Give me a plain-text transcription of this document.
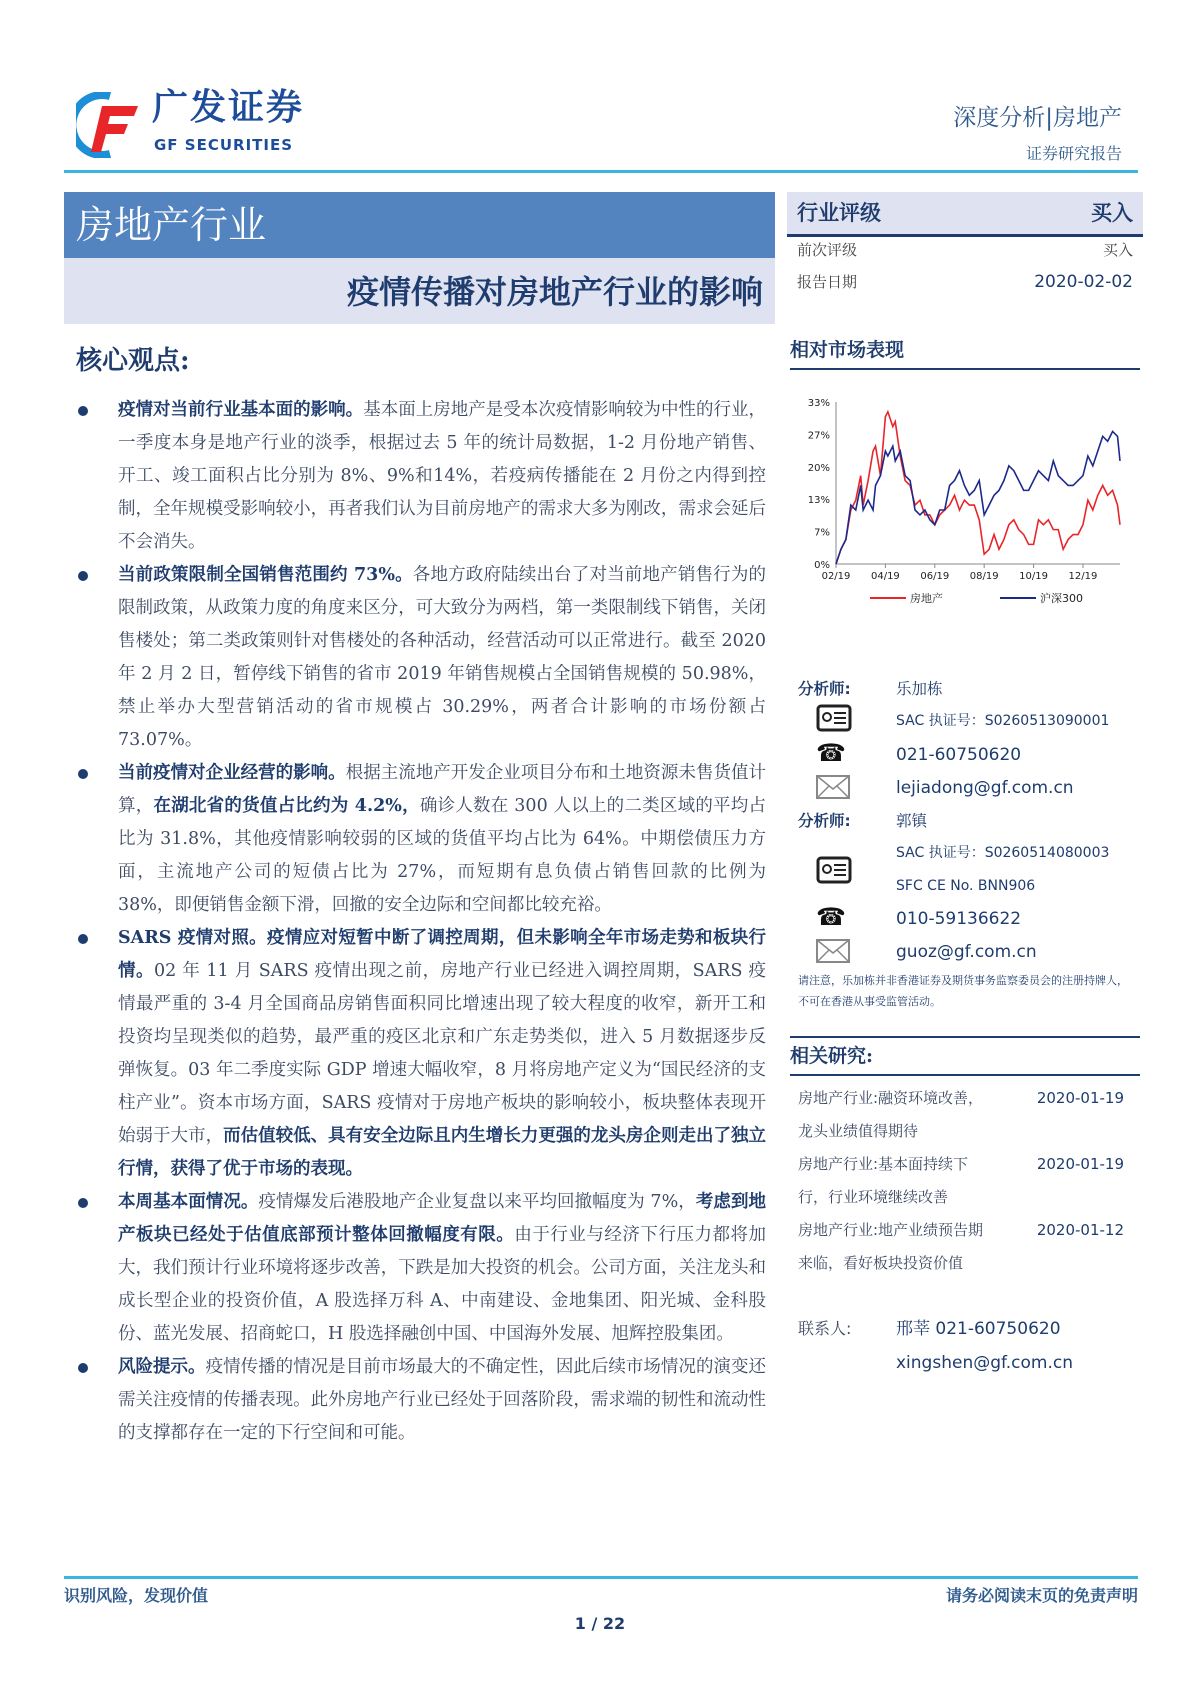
广发证券
GF SECURITIES
深度分析|房地产
证券研究报告
房地产行业
疫情传播对房地产行业的影响
行业评级	买入
前次评级	买入
报告日期	2020-02-02
核心观点:
疫情对当前行业基本面的影响。基本面上房地产是受本次疫情影响较为中性的行业，一季度本身是地产行业的淡季，根据过去 5 年的统计局数据，1-2 月份地产销售、开工、竣工面积占比分别为 8%、9%和14%，若疫病传播能在 2 月份之内得到控制，全年规模受影响较小，再者我们认为目前房地产的需求大多为刚改，需求会延后不会消失。
当前政策限制全国销售范围约 73%。各地方政府陆续出台了对当前地产销售行为的限制政策，从政策力度的角度来区分，可大致分为两档，第一类限制线下销售，关闭售楼处；第二类政策则针对售楼处的各种活动，经营活动可以正常进行。截至 2020 年 2 月 2 日，暂停线下销售的省市 2019 年销售规模占全国销售规模的 50.98%，禁止举办大型营销活动的省市规模占 30.29%，两者合计影响的市场份额占 73.07%。
当前疫情对企业经营的影响。根据主流地产开发企业项目分布和土地资源未售货值计算，在湖北省的货值占比约为 4.2%，确诊人数在 300 人以上的二类区域的平均占比为 31.8%，其他疫情影响较弱的区域的货值平均占比为 64%。中期偿债压力方面，主流地产公司的短债占比为 27%，而短期有息负债占销售回款的比例为 38%，即便销售金额下滑，回撤的安全边际和空间都比较充裕。
SARS 疫情对照。疫情应对短暂中断了调控周期，但未影响全年市场走势和板块行情。02 年 11 月 SARS 疫情出现之前，房地产行业已经进入调控周期，SARS 疫情最严重的 3-4 月全国商品房销售面积同比增速出现了较大程度的收窄，新开工和投资均呈现类似的趋势，最严重的疫区北京和广东走势类似，进入 5 月数据逐步反弹恢复。03 年二季度实际 GDP 增速大幅收窄，8 月将房地产定义为“国民经济的支柱产业”。资本市场方面，SARS 疫情对于房地产板块的影响较小，板块整体表现开始弱于大市，而估值较低、具有安全边际且内生增长力更强的龙头房企则走出了独立行情，获得了优于市场的表现。
本周基本面情况。疫情爆发后港股地产企业复盘以来平均回撤幅度为 7%，考虑到地产板块已经处于估值底部预计整体回撤幅度有限。由于行业与经济下行压力都将加大，我们预计行业环境将逐步改善，下跌是加大投资的机会。公司方面，关注龙头和成长型企业的投资价值，A 股选择万科 A、中南建设、金地集团、阳光城、金科股份、蓝光发展、招商蛇口，H 股选择融创中国、中国海外发展、旭辉控股集团。
风险提示。疫情传播的情况是目前市场最大的不确定性，因此后续市场情况的演变还需关注疫情的传播表现。此外房地产行业已经处于回落阶段，需求端的韧性和流动性的支撑都存在一定的下行空间和可能。
相对市场表现
0%
7%
13%
20%
27%
33%
02/19 04/19 06/19 08/19 10/19 12/19
房地产	沪深300
分析师:	乐加栋
SAC 执证号：S0260513090001
☎	021-60750620
lejiadong@gf.com.cn
分析师:	郭镇
SAC 执证号：S0260514080003
SFC CE No. BNN906
☎	010-59136622
guoz@gf.com.cn
请注意，乐加栋并非香港证券及期货事务监察委员会的注册持牌人，不可在香港从事受监管活动。
相关研究:
房地产行业:融资环境改善，
龙头业绩值得期待
2020-01-19
房地产行业:基本面持续下
行，行业环境继续改善
2020-01-19
房地产行业:地产业绩预告期
来临，看好板块投资价值
2020-01-12
联系人:	邢莘 021-60750620
xingshen@gf.com.cn
识别风险，发现价值	请务必阅读末页的免责声明
1 / 22
